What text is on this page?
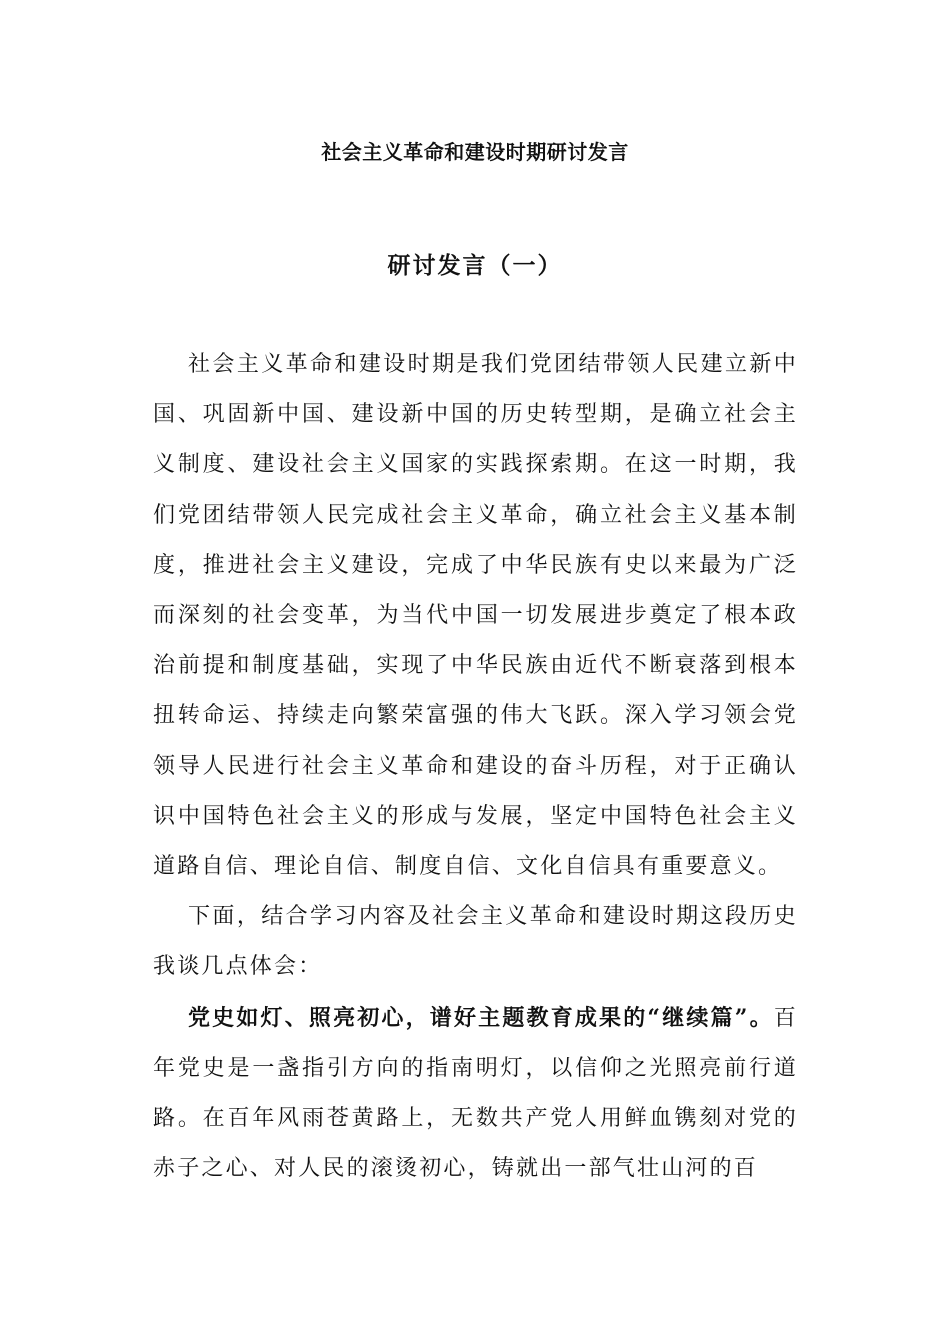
社会主义革命和建设时期研讨发言
研讨发言（一）

社会主义革命和建设时期是我们党团结带领人民建立新中国、巩固新中国、建设新中国的历史转型期，是确立社会主义制度、建设社会主义国家的实践探索期。在这一时期，我们党团结带领人民完成社会主义革命，确立社会主义基本制度，推进社会主义建设，完成了中华民族有史以来最为广泛而深刻的社会变革，为当代中国一切发展进步奠定了根本政治前提和制度基础，实现了中华民族由近代不断衰落到根本扭转命运、持续走向繁荣富强的伟大飞跃。深入学习领会党领导人民进行社会主义革命和建设的奋斗历程，对于正确认识中国特色社会主义的形成与发展，坚定中国特色社会主义道路自信、理论自信、制度自信、文化自信具有重要意义。

下面，结合学习内容及社会主义革命和建设时期这段历史我谈几点体会：

党史如灯、照亮初心，谱好主题教育成果的“继续篇”。百年党史是一盏指引方向的指南明灯，以信仰之光照亮前行道路。在百年风雨苍黄路上，无数共产党人用鲜血镌刻对党的赤子之心、对人民的滚烫初心，铸就出一部气壮山河的百
